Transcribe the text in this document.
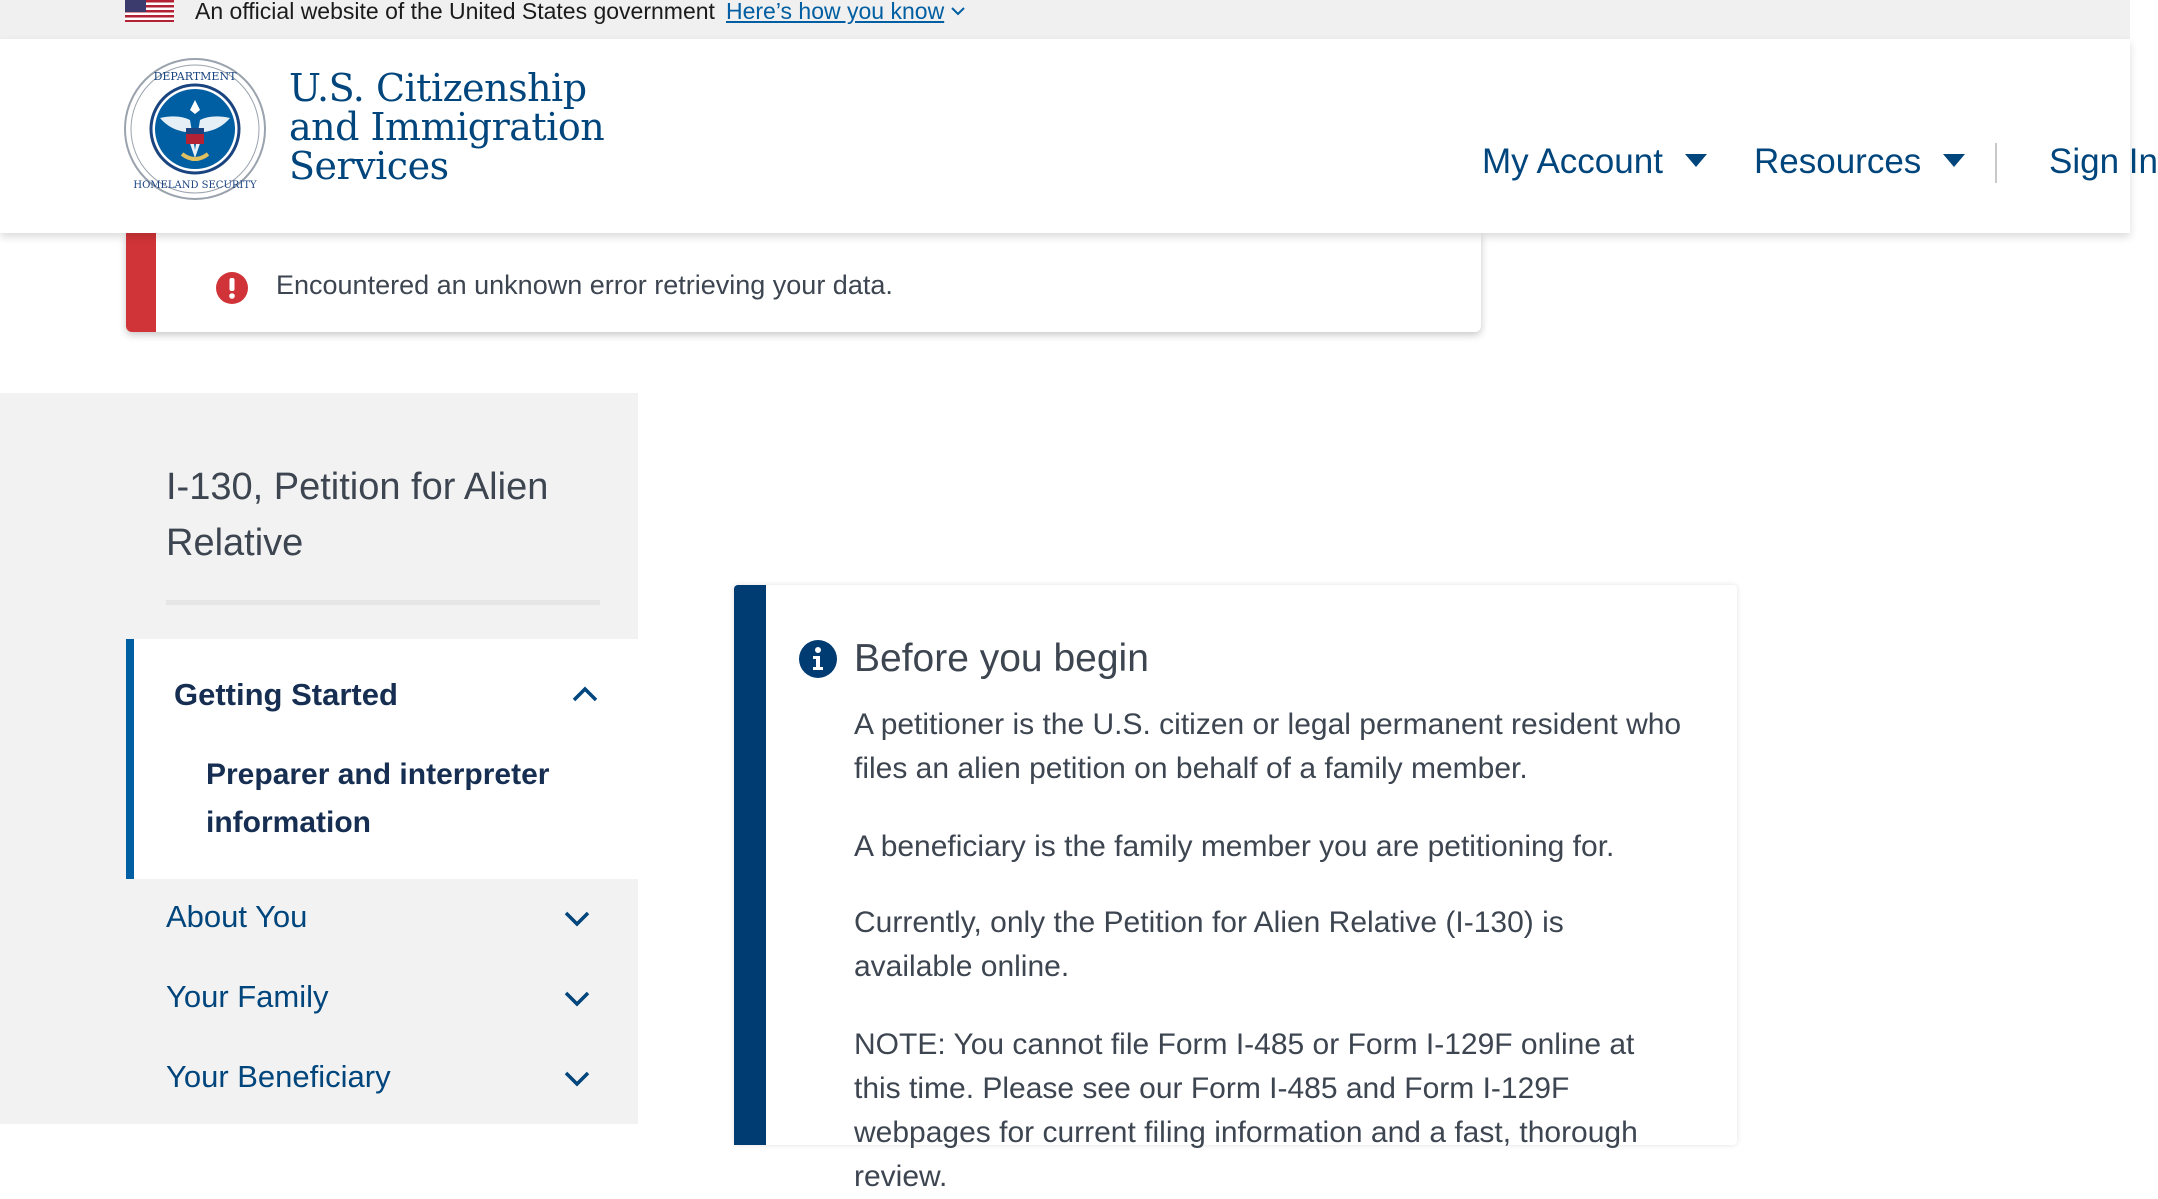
An official website of the United States government Here’s how you know
DEPARTMENT
HOMELAND SECURITY
U.S. Citizenship
and Immigration
Services	My Account	Resources	Sign In
Encountered an unknown error retrieving your data.
I-130, Petition for Alien Relative
Getting Started
Preparer and interpreter information
About You
Your Family
Your Beneficiary
Before you begin
A petitioner is the U.S. citizen or legal permanent resident who files an alien petition on behalf of a family member.
A beneficiary is the family member you are petitioning for.
Currently, only the Petition for Alien Relative (I-130) is available online.
NOTE: You cannot file Form I-485 or Form I-129F online at this time. Please see our Form I-485 and Form I-129F webpages for current filing information and a fast, thorough review.
